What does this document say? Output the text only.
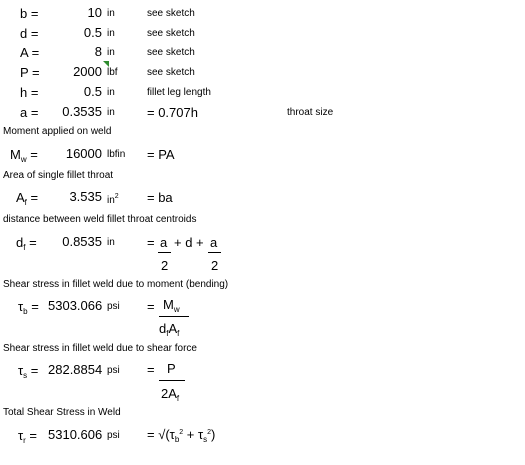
b =	10 in	see sketch
d =	0.5 in	see sketch
A =	8 in	see sketch
P =	2000 lbf	see sketch
h =	0.5 in	fillet leg length
a =	0.3535 in = 0.707h	throat size
Moment applied on weld
$M_w$ =	16000 lbfin = PA
Area of single fillet throat
$A_f$ =	3.535 $in^2$ = ba
distance between weld fillet throat centroids
$d_f$ =	0.8535 in = a
2
+ d + a
2
Shear stress in fillet weld due to moment (bending)
$\tau_b = 5303.066$ psi = $M_w$
$d_fA_f$
Shear stress in fillet weld due to shear force
$\tau_s = 282.8854$ psi = P
$2A_f$
Total Shear Stress in Weld
$\tau_r = 5310.606$ psi = $√(\tau_b^2 + \tau_s^2)$
